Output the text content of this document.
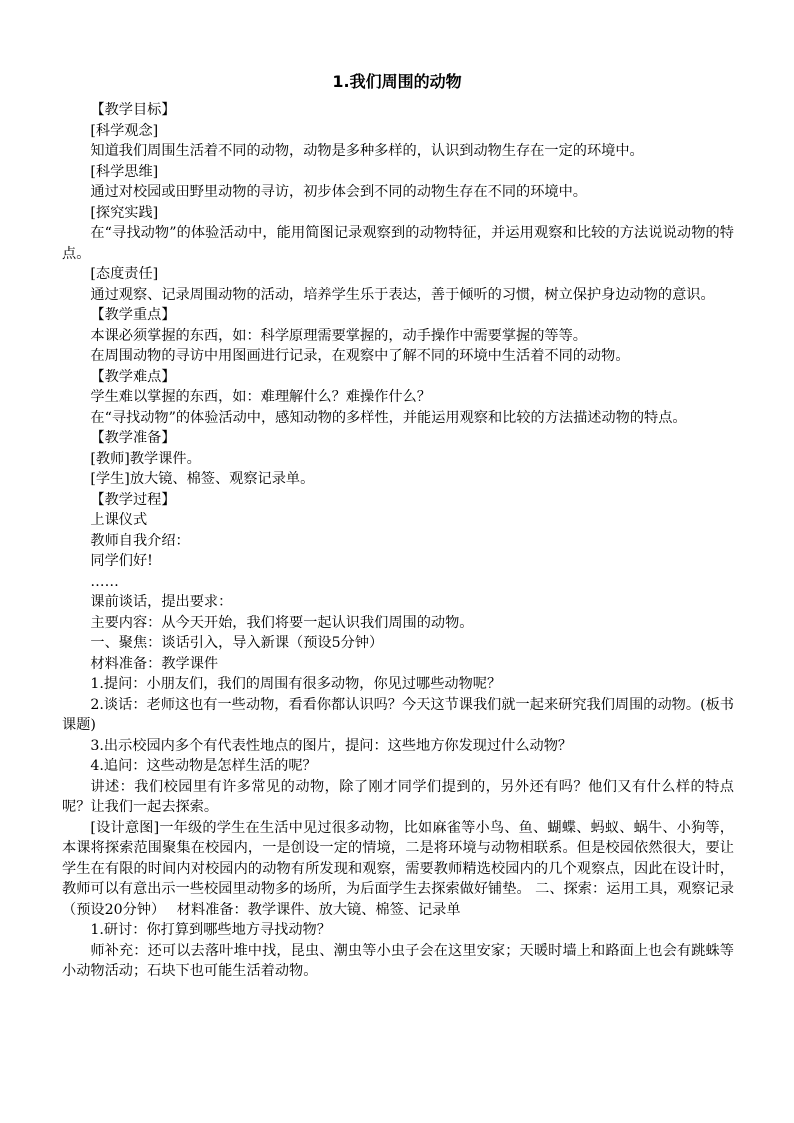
1.我们周围的动物

【教学目标】

[科学观念]

知道我们周围生活着不同的动物，动物是多种多样的，认识到动物生存在一定的环境中。

[科学思维]

通过对校园或田野里动物的寻访，初步体会到不同的动物生存在不同的环境中。

[探究实践]

在“寻找动物”的体验活动中，能用简图记录观察到的动物特征，并运用观察和比较的方法说说动物的特点。

[态度责任]

通过观察、记录周围动物的活动，培养学生乐于表达，善于倾听的习惯，树立保护身边动物的意识。

【教学重点】

本课必须掌握的东西，如：科学原理需要掌握的，动手操作中需要掌握的等等。

在周围动物的寻访中用图画进行记录，在观察中了解不同的环境中生活着不同的动物。

【教学难点】

学生难以掌握的东西，如：难理解什么？难操作什么？

在“寻找动物”的体验活动中，感知动物的多样性，并能运用观察和比较的方法描述动物的特点。

【教学准备】

[教师]教学课件。

[学生]放大镜、棉签、观察记录单。

【教学过程】

上课仪式

教师自我介绍：

同学们好!

……

课前谈话，提出要求：

主要内容：从今天开始，我们将要一起认识我们周围的动物。

一、聚焦：谈话引入，导入新课（预设5分钟）

材料准备：教学课件

1.提问：小朋友们，我们的周围有很多动物，你见过哪些动物呢？

2.谈话：老师这也有一些动物，看看你都认识吗？今天这节课我们就一起来研究我们周围的动物。(板书课题)

3.出示校园内多个有代表性地点的图片，提问：这些地方你发现过什么动物？

4.追问：这些动物是怎样生活的呢？

讲述：我们校园里有许多常见的动物，除了刚才同学们提到的，另外还有吗？他们又有什么样的特点呢？让我们一起去探索。

[设计意图]一年级的学生在生活中见过很多动物，比如麻雀等小鸟、鱼、蝴蝶、蚂蚁、蜗牛、小狗等，本课将探索范围聚集在校园内，一是创设一定的情境，二是将环境与动物相联系。但是校园依然很大，要让学生在有限的时间内对校园内的动物有所发现和观察，需要教师精选校园内的几个观察点，因此在设计时，教师可以有意出示一些校园里动物多的场所，为后面学生去探索做好铺垫。 二、探索：运用工具，观察记录（预设20分钟）　 材料准备：教学课件、放大镜、棉签、记录单

1.研讨：你打算到哪些地方寻找动物？

师补充：还可以去落叶堆中找，昆虫、潮虫等小虫子会在这里安家；天暖时墙上和路面上也会有跳蛛等小动物活动；石块下也可能生活着动物。
